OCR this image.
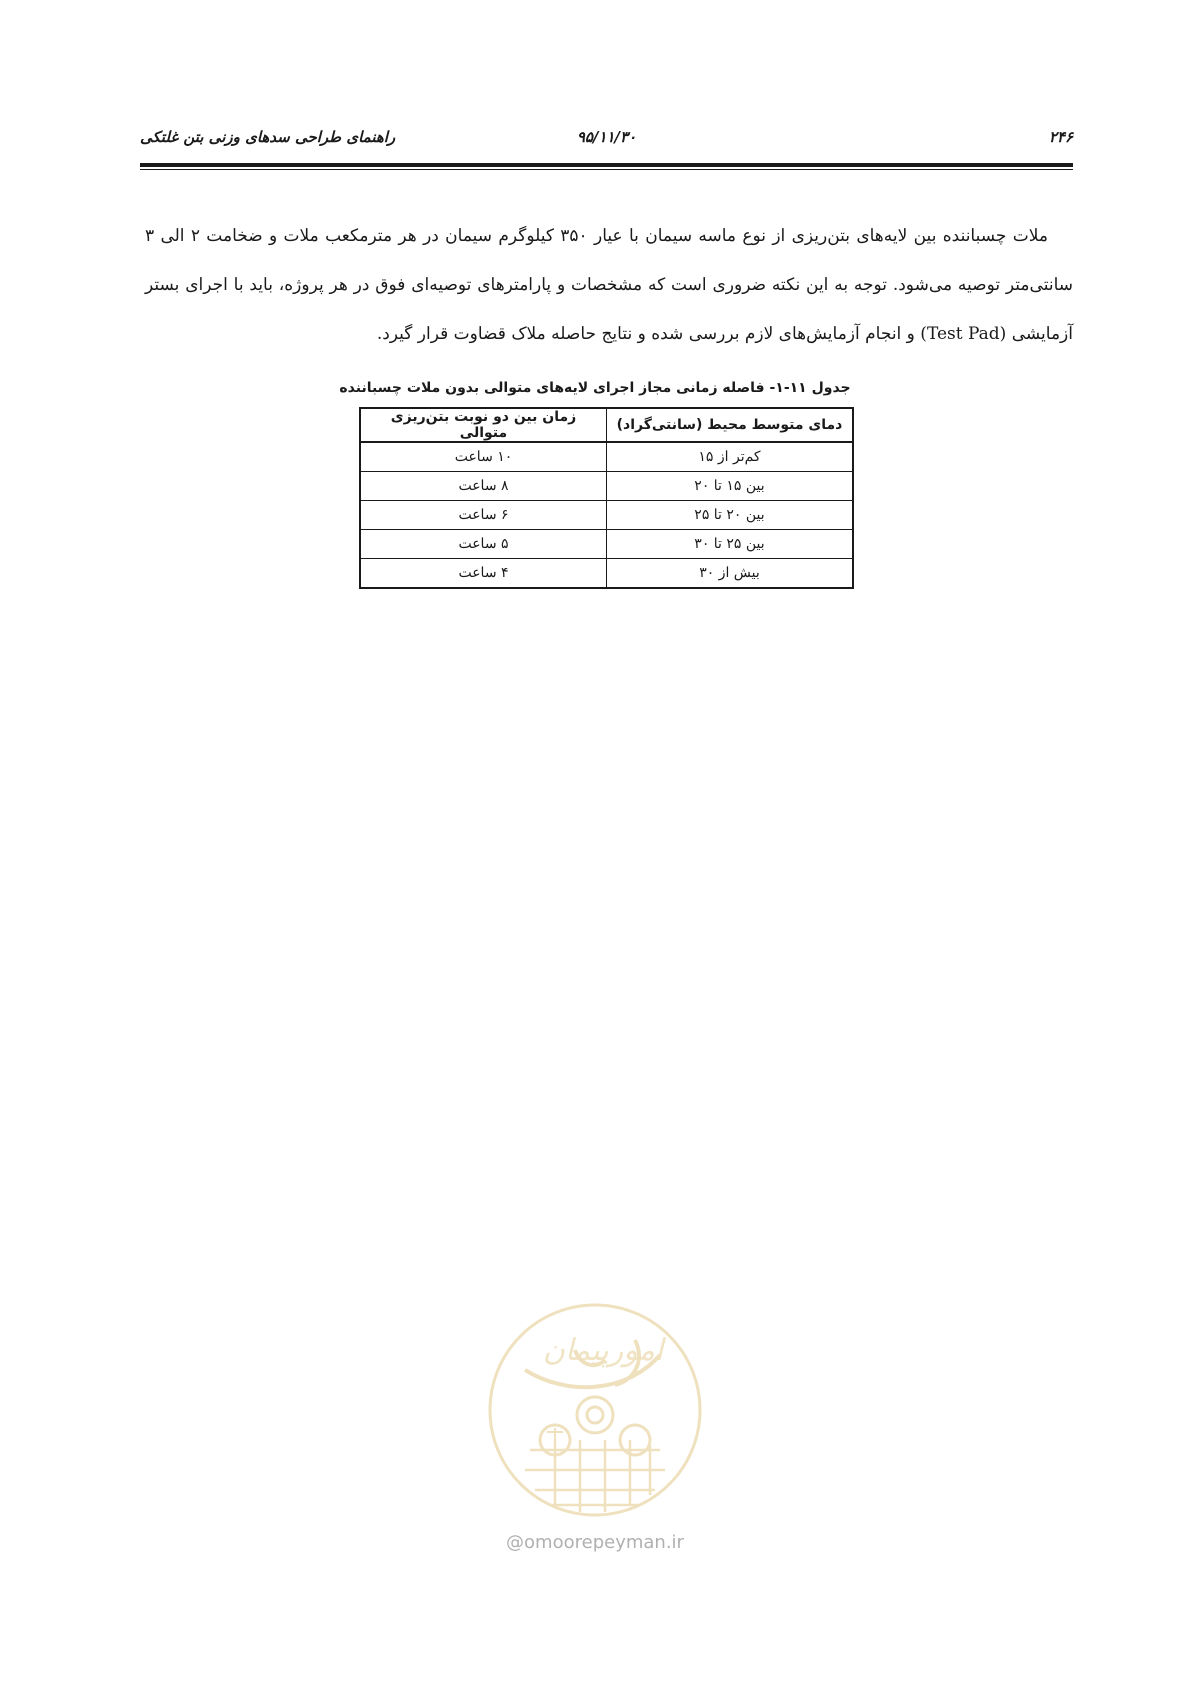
۲۴۶
۹۵/۱۱/۳۰
راهنمای طراحی سدهای وزنی بتن غلتکی

ملات چسباننده بین لایه‌های بتن‌ریزی از نوع ماسه سیمان با عیار ۳۵۰ کیلوگرم سیمان در هر مترمکعب ملات و ضخامت ۲ الی ۳ سانتی‌متر توصیه می‌شود. توجه به این نکته ضروری است که مشخصات و پارامترهای توصیه‌ای فوق در هر پروژه، باید با اجرای بستر آزمایشی (Test Pad) و انجام آزمایش‌های لازم بررسی شده و نتایج حاصله ملاک قضاوت قرار گیرد.

جدول ۱۱-۱- فاصله زمانی مجاز اجرای لایه‌های متوالی بدون ملات چسباننده
دمای متوسط محیط (سانتی‌گراد)	زمان بین دو نوبت بتن‌ریزی متوالی
کم‌تر از ۱۵	۱۰ ساعت
بین ۱۵ تا ۲۰	۸ ساعت
بین ۲۰ تا ۲۵	۶ ساعت
بین ۲۵ تا ۳۰	۵ ساعت
بیش از ۳۰	۴ ساعت
امورپیمان
@omoorepeyman.ir
